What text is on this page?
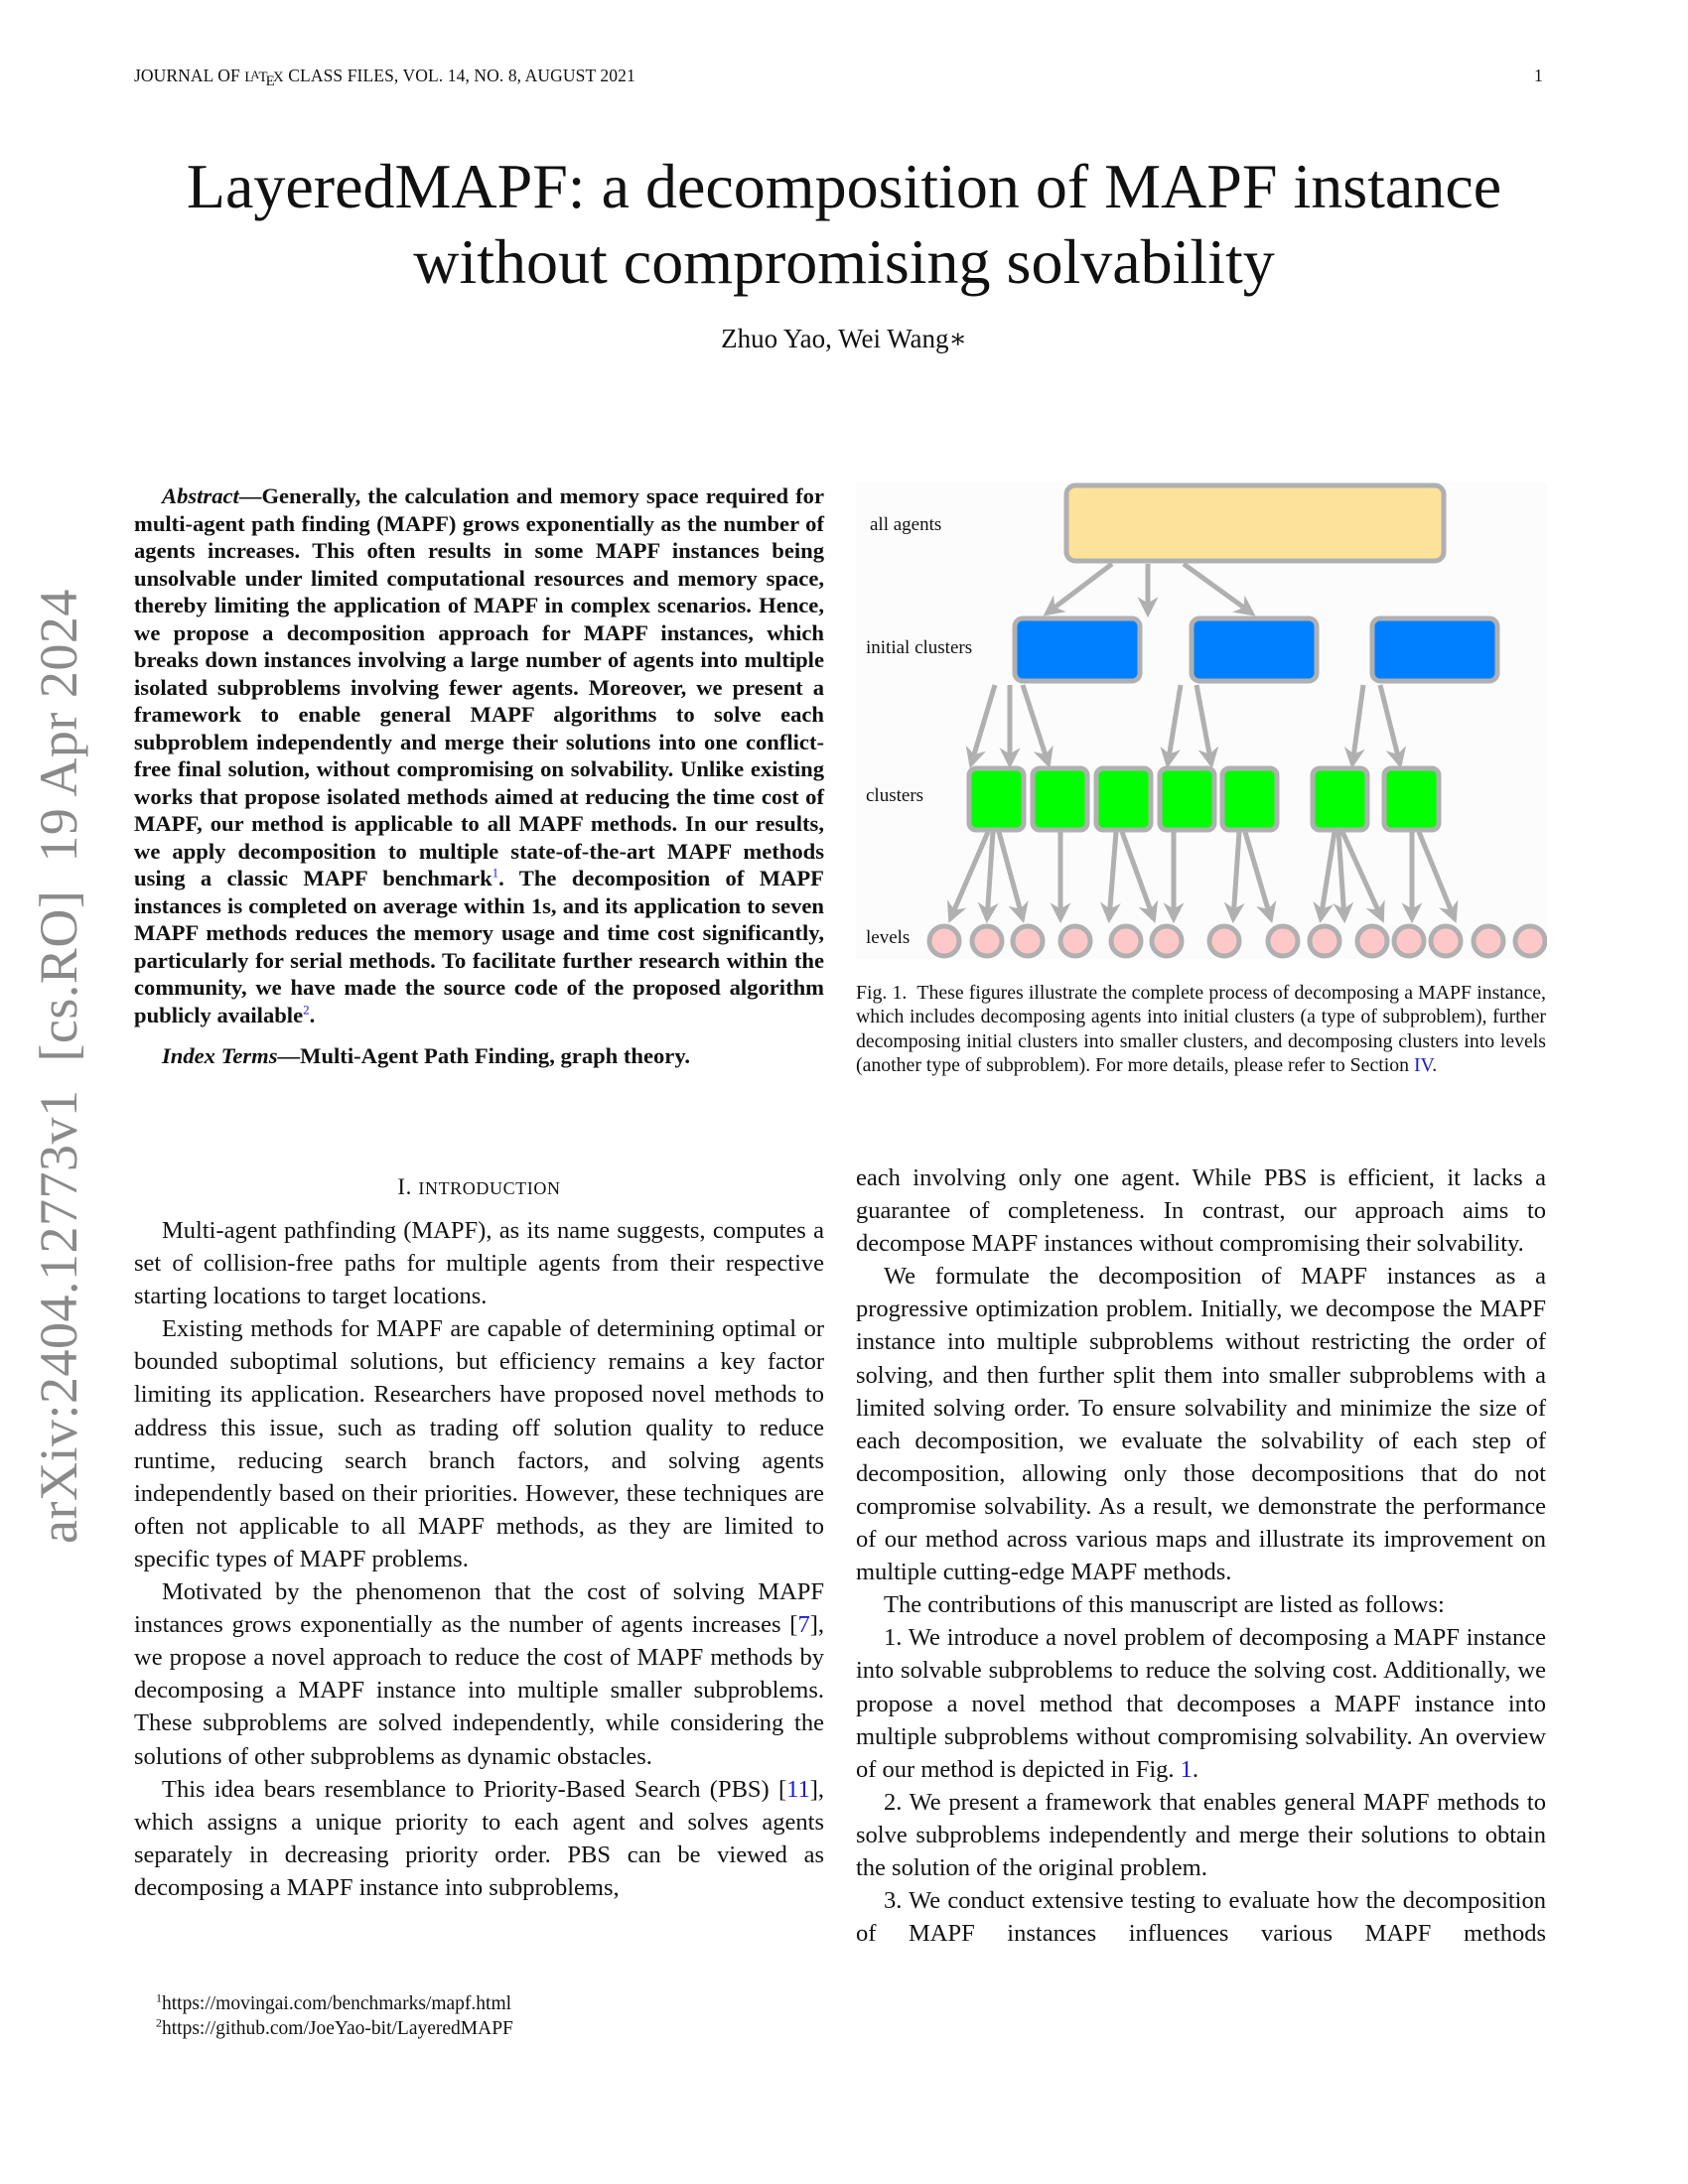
JOURNAL OF $L^ATEX$ CLASS FILES, VOL. 14, NO. 8, AUGUST 2021	1
arXiv:2404.12773v1  [cs.RO]  19 Apr 2024
LayeredMAPF: a decomposition of MAPF instance
without compromising solvability
Zhuo Yao, Wei Wang∗

Abstract—Generally, the calculation and memory space required for multi-agent path finding (MAPF) grows exponentially as the number of agents increases. This often results in some MAPF instances being unsolvable under limited computational resources and memory space, thereby limiting the application of MAPF in complex scenarios. Hence, we propose a decomposition approach for MAPF instances, which breaks down instances involving a large number of agents into multiple isolated subproblems involving fewer agents. Moreover, we present a framework to enable general MAPF algorithms to solve each subproblem independently and merge their solutions into one conflict-free final solution, without compromising on solvability. Unlike existing works that propose isolated methods aimed at reducing the time cost of MAPF, our method is applicable to all MAPF methods. In our results, we apply decomposition to multiple state-of-the-art MAPF methods using a classic MAPF benchmark$^1$. The decomposition of MAPF instances is completed on average within 1s, and its application to seven MAPF methods reduces the memory usage and time cost significantly, particularly for serial methods. To facilitate further research within the community, we have made the source code of the proposed algorithm publicly available$^2$.

Index Terms—Multi-Agent Path Finding, graph theory.

all agents
initial clusters
clusters
levels
Fig. 1. These figures illustrate the complete process of decomposing a MAPF instance, which includes decomposing agents into initial clusters (a type of subproblem), further decomposing initial clusters into smaller clusters, and decomposing clusters into levels (another type of subproblem). For more details, please refer to Section IV.
I. INTRODUCTION

Multi-agent pathfinding (MAPF), as its name suggests, computes a set of collision-free paths for multiple agents from their respective starting locations to target locations.

Existing methods for MAPF are capable of determining optimal or bounded suboptimal solutions, but efficiency remains a key factor limiting its application. Researchers have proposed novel methods to address this issue, such as trading off solution quality to reduce runtime, reducing search branch factors, and solving agents independently based on their priorities. However, these techniques are often not applicable to all MAPF methods, as they are limited to specific types of MAPF problems.

Motivated by the phenomenon that the cost of solving MAPF instances grows exponentially as the number of agents increases [7], we propose a novel approach to reduce the cost of MAPF methods by decomposing a MAPF instance into multiple smaller subproblems. These subproblems are solved independently, while considering the solutions of other subproblems as dynamic obstacles.

This idea bears resemblance to Priority-Based Search (PBS) [11], which assigns a unique priority to each agent and solves agents separately in decreasing priority order. PBS can be viewed as decomposing a MAPF instance into subproblems,

$^1$https://movingai.com/benchmarks/mapf.html
$^2$https://github.com/JoeYao-bit/LayeredMAPF

each involving only one agent. While PBS is efficient, it lacks a guarantee of completeness. In contrast, our approach aims to decompose MAPF instances without compromising their solvability.

We formulate the decomposition of MAPF instances as a progressive optimization problem. Initially, we decompose the MAPF instance into multiple subproblems without restricting the order of solving, and then further split them into smaller subproblems with a limited solving order. To ensure solvability and minimize the size of each decomposition, we evaluate the solvability of each step of decomposition, allowing only those decompositions that do not compromise solvability. As a result, we demonstrate the performance of our method across various maps and illustrate its improvement on multiple cutting-edge MAPF methods.

The contributions of this manuscript are listed as follows:

1. We introduce a novel problem of decomposing a MAPF instance into solvable subproblems to reduce the solving cost. Additionally, we propose a novel method that decomposes a MAPF instance into multiple subproblems without compromising solvability. An overview of our method is depicted in Fig. 1.

2. We present a framework that enables general MAPF methods to solve subproblems independently and merge their solutions to obtain the solution of the original problem.

3. We conduct extensive testing to evaluate how the decomposition of MAPF instances influences various MAPF methods
